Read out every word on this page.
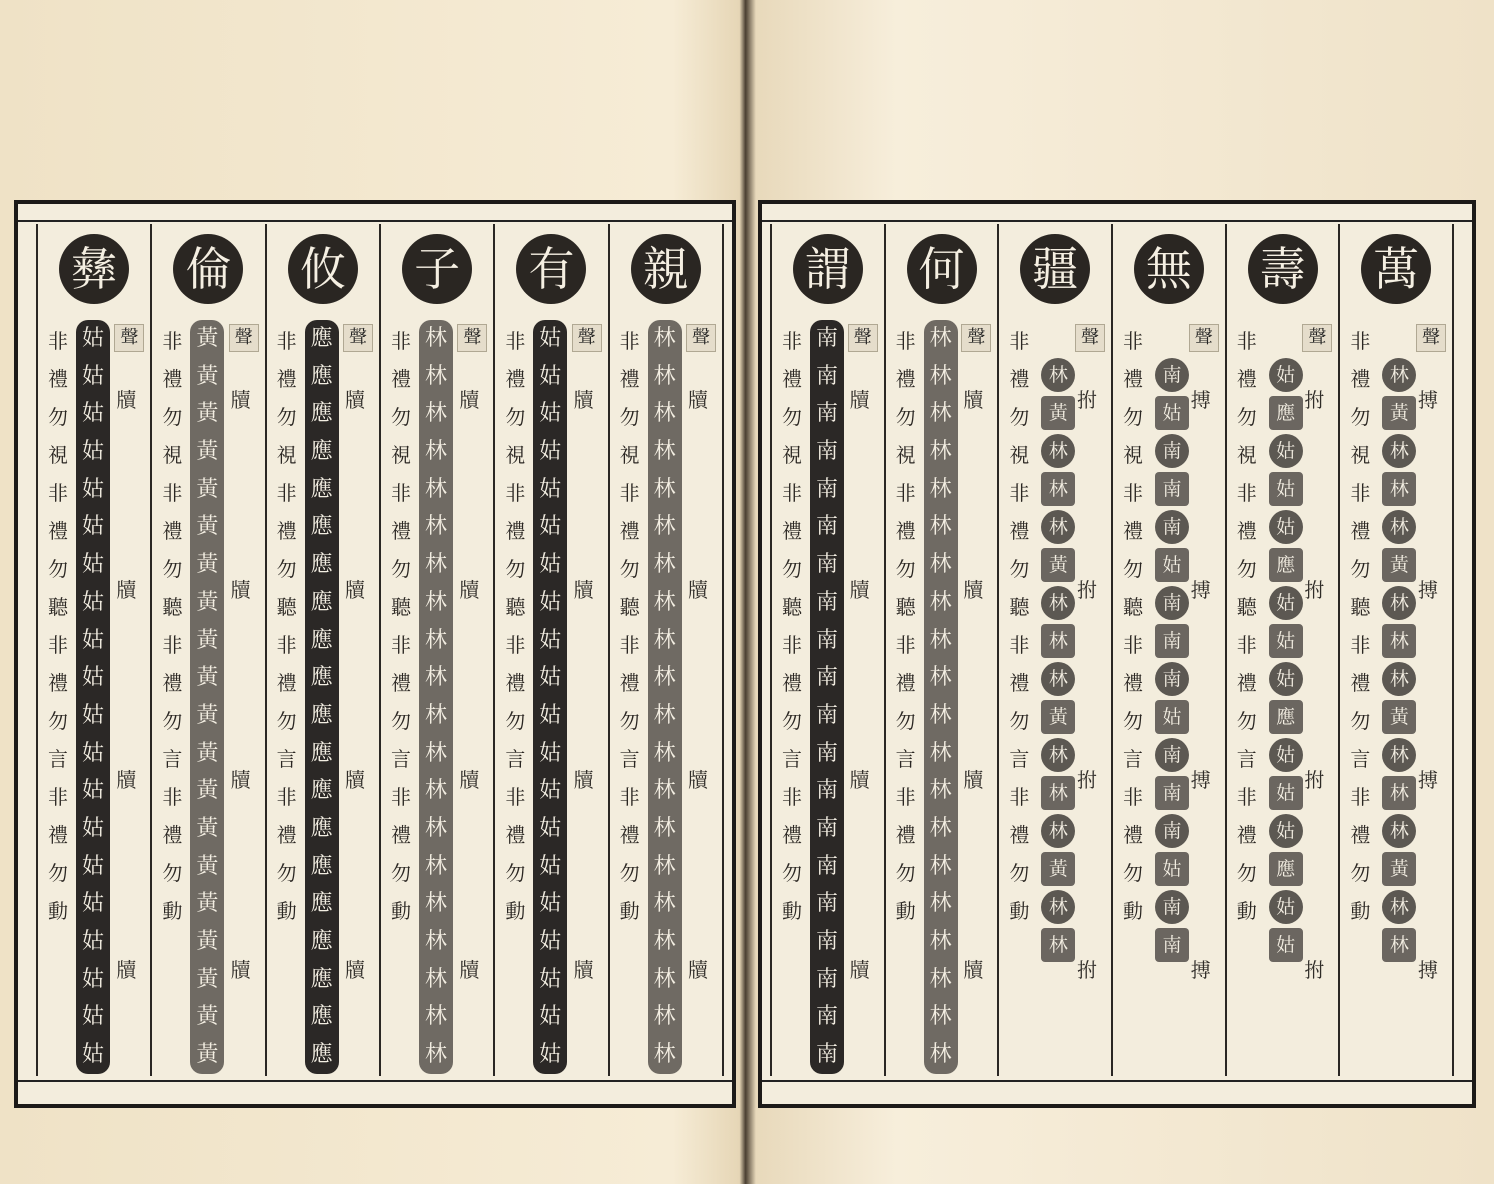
彝
聲
非
禮
勿
視
非
禮
勿
聽
非
禮
勿
言
非
禮
勿
動
姑
姑
姑
姑
姑
姑
姑
姑
姑
姑
姑
姑
姑
姑
姑
姑
姑
姑
姑
姑
牘
牘
牘
牘
倫
聲
非
禮
勿
視
非
禮
勿
聽
非
禮
勿
言
非
禮
勿
動
黃
黃
黃
黃
黃
黃
黃
黃
黃
黃
黃
黃
黃
黃
黃
黃
黃
黃
黃
黃
牘
牘
牘
牘
攸
聲
非
禮
勿
視
非
禮
勿
聽
非
禮
勿
言
非
禮
勿
動
應
應
應
應
應
應
應
應
應
應
應
應
應
應
應
應
應
應
應
應
牘
牘
牘
牘
子
聲
非
禮
勿
視
非
禮
勿
聽
非
禮
勿
言
非
禮
勿
動
林
林
林
林
林
林
林
林
林
林
林
林
林
林
林
林
林
林
林
林
牘
牘
牘
牘
有
聲
非
禮
勿
視
非
禮
勿
聽
非
禮
勿
言
非
禮
勿
動
姑
姑
姑
姑
姑
姑
姑
姑
姑
姑
姑
姑
姑
姑
姑
姑
姑
姑
姑
姑
牘
牘
牘
牘
親
聲
非
禮
勿
視
非
禮
勿
聽
非
禮
勿
言
非
禮
勿
動
林
林
林
林
林
林
林
林
林
林
林
林
林
林
林
林
林
林
林
林
牘
牘
牘
牘
謂
聲
非
禮
勿
視
非
禮
勿
聽
非
禮
勿
言
非
禮
勿
動
南
南
南
南
南
南
南
南
南
南
南
南
南
南
南
南
南
南
南
南
牘
牘
牘
牘
何
聲
非
禮
勿
視
非
禮
勿
聽
非
禮
勿
言
非
禮
勿
動
林
林
林
林
林
林
林
林
林
林
林
林
林
林
林
林
林
林
林
林
牘
牘
牘
牘
疆
聲
非
禮
勿
視
非
禮
勿
聽
非
禮
勿
言
非
禮
勿
動
林
黃
林
林
林
黃
林
林
林
黃
林
林
林
黃
林
林
拊
拊
拊
拊
無
聲
非
禮
勿
視
非
禮
勿
聽
非
禮
勿
言
非
禮
勿
動
南
姑
南
南
南
姑
南
南
南
姑
南
南
南
姑
南
南
搏
搏
搏
搏
壽
聲
非
禮
勿
視
非
禮
勿
聽
非
禮
勿
言
非
禮
勿
動
姑
應
姑
姑
姑
應
姑
姑
姑
應
姑
姑
姑
應
姑
姑
拊
拊
拊
拊
萬
聲
非
禮
勿
視
非
禮
勿
聽
非
禮
勿
言
非
禮
勿
動
林
黃
林
林
林
黃
林
林
林
黃
林
林
林
黃
林
林
搏
搏
搏
搏
